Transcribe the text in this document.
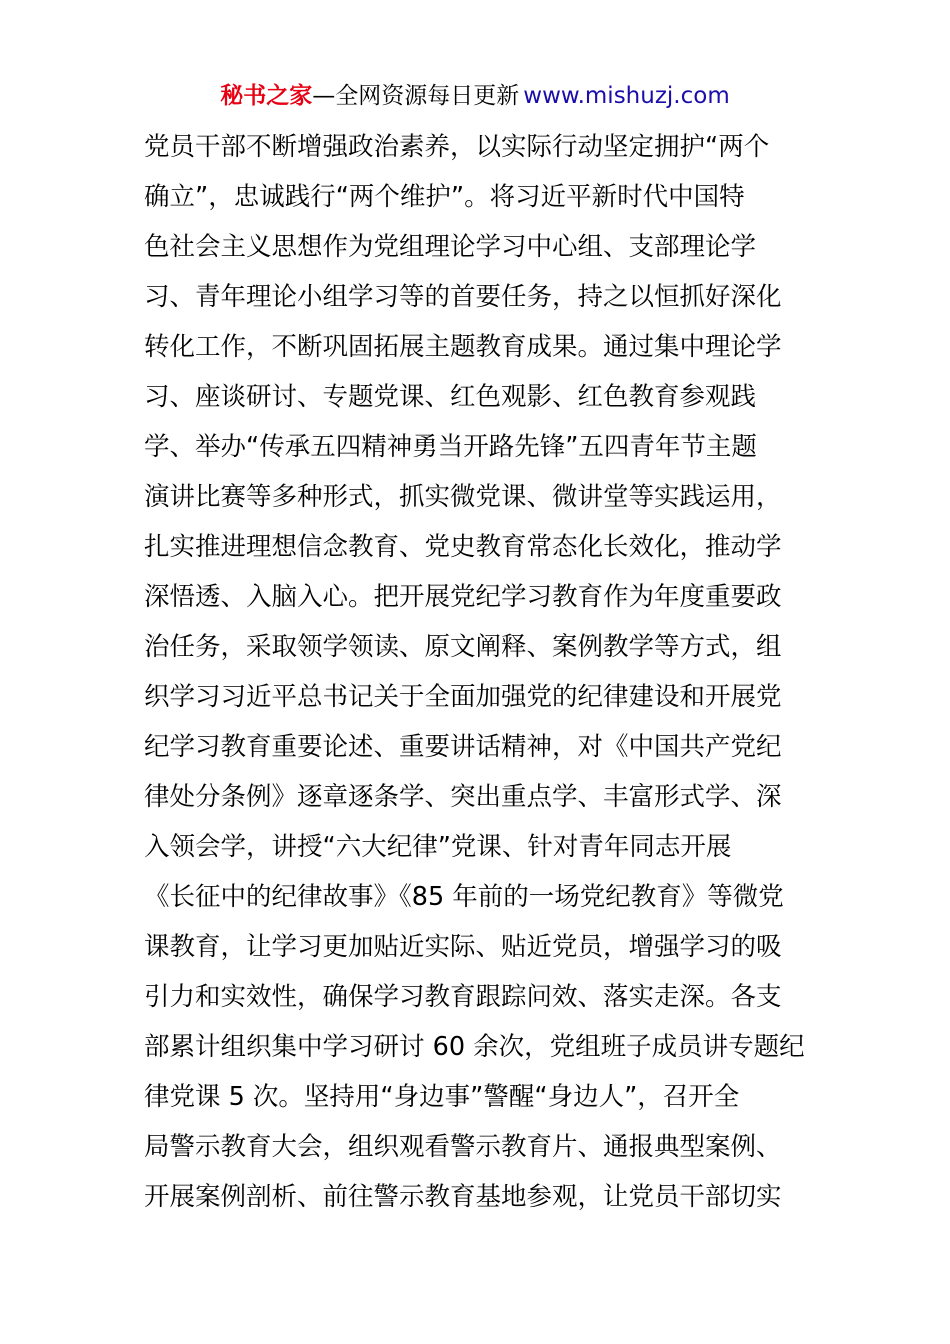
秘书之家—全网资源每日更新 www.mishuzj.com
党员干部不断增强政治素养，以实际行动坚定拥护“两个
确立”，忠诚践行“两个维护”。将习近平新时代中国特
色社会主义思想作为党组理论学习中心组、支部理论学
习、青年理论小组学习等的首要任务，持之以恒抓好深化
转化工作，不断巩固拓展主题教育成果。通过集中理论学
习、座谈研讨、专题党课、红色观影、红色教育参观践
学、举办“传承五四精神勇当开路先锋”五四青年节主题
演讲比赛等多种形式，抓实微党课、微讲堂等实践运用，
扎实推进理想信念教育、党史教育常态化长效化，推动学
深悟透、入脑入心。把开展党纪学习教育作为年度重要政
治任务，采取领学领读、原文阐释、案例教学等方式，组
织学习习近平总书记关于全面加强党的纪律建设和开展党
纪学习教育重要论述、重要讲话精神，对《中国共产党纪
律处分条例》逐章逐条学、突出重点学、丰富形式学、深
入领会学，讲授“六大纪律”党课、针对青年同志开展
《长征中的纪律故事》《85 年前的一场党纪教育》等微党
课教育，让学习更加贴近实际、贴近党员，增强学习的吸
引力和实效性，确保学习教育跟踪问效、落实走深。各支
部累计组织集中学习研讨 60 余次，党组班子成员讲专题纪
律党课 5 次。坚持用“身边事”警醒“身边人”，召开全
局警示教育大会，组织观看警示教育片、通报典型案例、
开展案例剖析、前往警示教育基地参观，让党员干部切实
